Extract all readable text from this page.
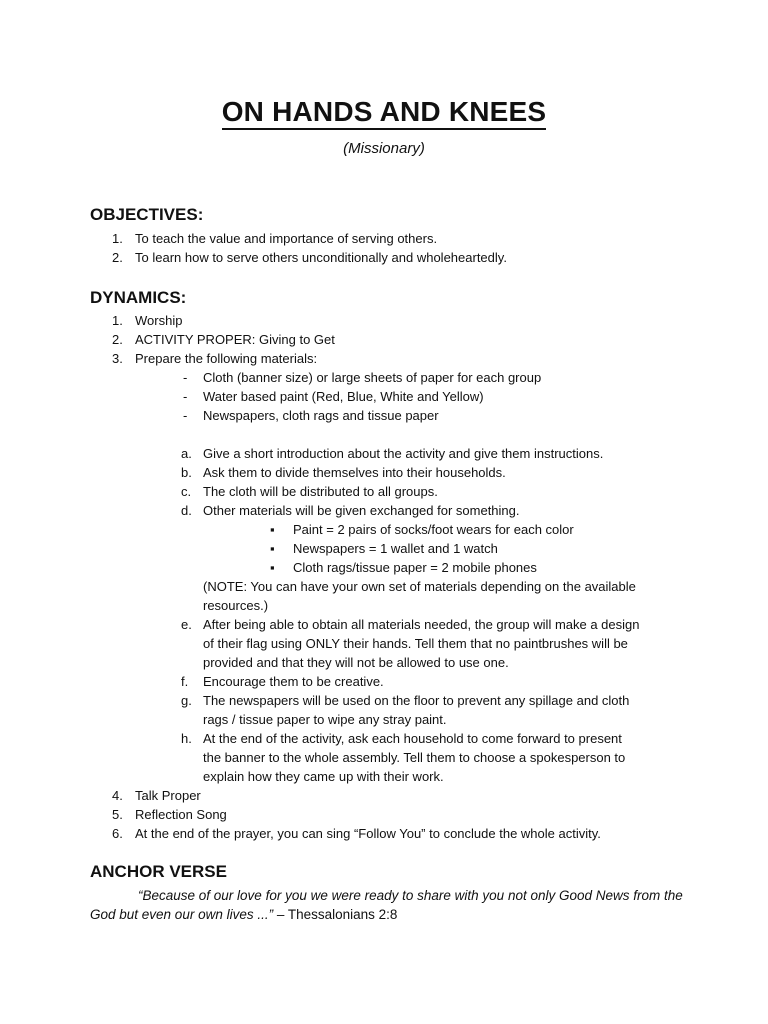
ON HANDS AND KNEES
(Missionary)
OBJECTIVES:
1. To teach the value and importance of serving others.
2. To learn how to serve others unconditionally and wholeheartedly.
DYNAMICS:
1. Worship
2. ACTIVITY PROPER: Giving to Get
3. Prepare the following materials:
- Cloth (banner size) or large sheets of paper for each group
- Water based paint (Red, Blue, White and Yellow)
- Newspapers, cloth rags and tissue paper
a. Give a short introduction about the activity and give them instructions.
b. Ask them to divide themselves into their households.
c. The cloth will be distributed to all groups.
d. Other materials will be given exchanged for something.
▪ Paint = 2 pairs of socks/foot wears for each color
▪ Newspapers = 1 wallet and 1 watch
▪ Cloth rags/tissue paper = 2 mobile phones
(NOTE: You can have your own set of materials depending on the available
resources.)
e. After being able to obtain all materials needed, the group will make a design
of their flag using ONLY their hands. Tell them that no paintbrushes will be
provided and that they will not be allowed to use one.
f. Encourage them to be creative.
g. The newspapers will be used on the floor to prevent any spillage and cloth
rags / tissue paper to wipe any stray paint.
h. At the end of the activity, ask each household to come forward to present
the banner to the whole assembly. Tell them to choose a spokesperson to
explain how they came up with their work.
4. Talk Proper
5. Reflection Song
6. At the end of the prayer, you can sing “Follow You” to conclude the whole activity.
ANCHOR VERSE
“Because of our love for you we were ready to share with you not only Good News from the God but even our own lives ...” – Thessalonians 2:8
